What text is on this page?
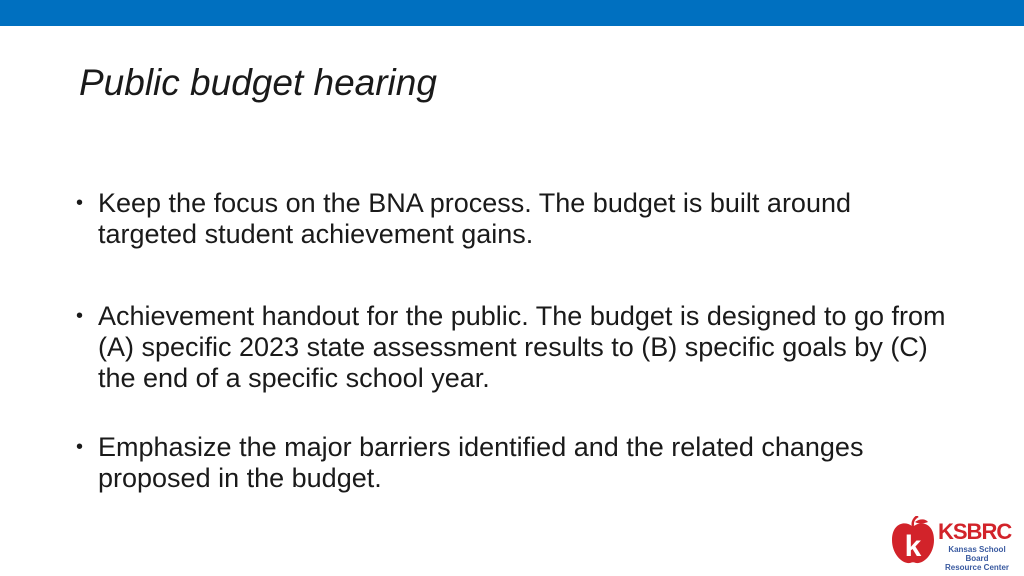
Public budget hearing
• Keep the focus on the BNA process. The budget is built around targeted student achievement gains.
• Achievement handout for the public. The budget is designed to go from (A) specific 2023 state assessment results to (B) specific goals by (C) the end of a specific school year.
• Emphasize the major barriers identified and the related changes proposed in the budget.
k KSBRC
Kansas School Board
Resource Center
